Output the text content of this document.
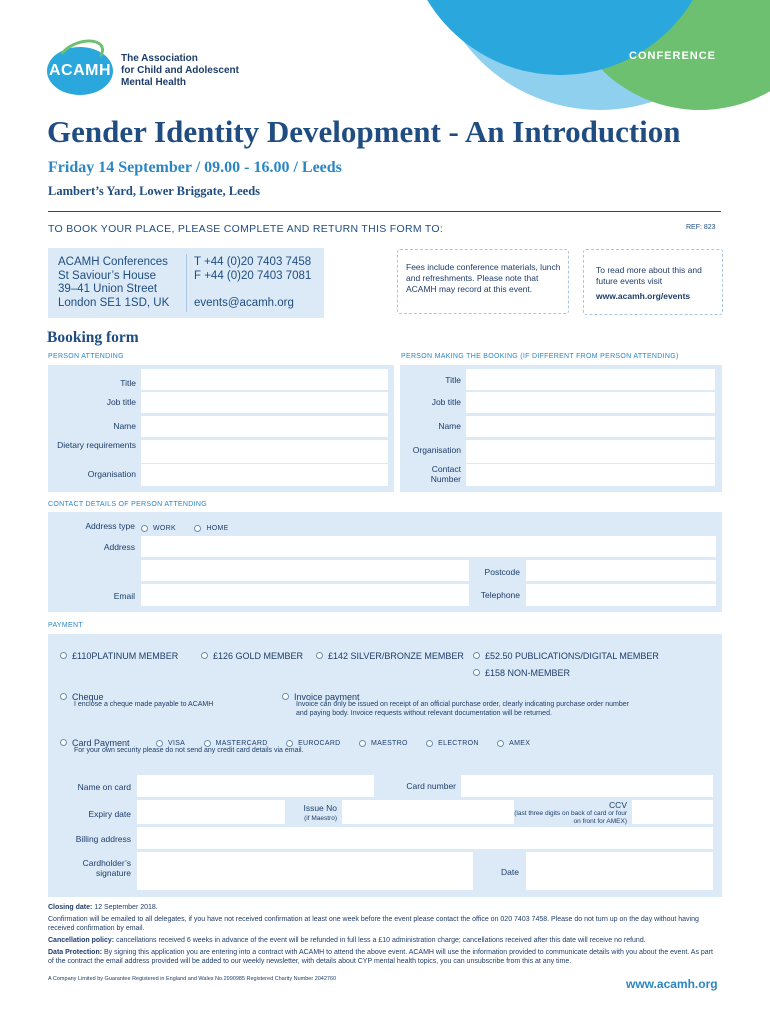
ACAMH
The Association
for Child and Adolescent
Mental Health
CONFERENCE
Gender Identity Development - An Introduction
Friday 14 September / 09.00 - 16.00 / Leeds
Lambert’s Yard, Lower Briggate, Leeds
TO BOOK YOUR PLACE, PLEASE COMPLETE AND RETURN THIS FORM TO:	REF: 823
ACAMH Conferences
St Saviour’s House
39–41 Union Street
London SE1 1SD, UK
T +44 (0)20 7403 7458
F +44 (0)20 7403 7081
events@acamh.org
Fees include conference materials, lunch and refreshments. Please note that ACAMH may record at this event.
To read more about this and future events visit
www.acamh.org/events
Booking form
PERSON ATTENDING	PERSON MAKING THE BOOKING (IF DIFFERENT FROM PERSON ATTENDING)
Title
Job title
Name
Dietary requirements
Organisation
Title
Job title
Name
Organisation
Contact Number
CONTACT DETAILS OF PERSON ATTENDING
Address type	WORK	HOME
Address
Postcode
Email	Telephone
PAYMENT
£110PLATINUM MEMBER	£126 GOLD MEMBER	£142 SILVER/BRONZE MEMBER	£52.50 PUBLICATIONS/DIGITAL MEMBER
£158 NON-MEMBER
Cheque
I enclose a cheque made payable to ACAMH
Invoice payment
Invoice can only be issued on receipt of an official purchase order, clearly indicating purchase order number and paying body. Invoice requests without relevant documentation will be returned.
Card Payment	VISA	MASTERCARD	EUROCARD	MAESTRO	ELECTRON	AMEX
For your own security please do not send any credit card details via email.
Name on card	Card number
Expiry date
Issue No
(if Maestro)
CCV
(last three digits on back of card or four on front for AMEX)
Billing address
Cardholder’s signature	Date
Closing date: 12 September 2018.
Confirmation will be emailed to all delegates, if you have not received confirmation at least one week before the event please contact the office on 020 7403 7458. Please do not turn up on the day without having received confirmation by email.
Cancellation policy: cancellations received 6 weeks in advance of the event will be refunded in full less a £10 administration charge; cancellations received after this date will receive no refund.
Data Protection: By signing this application you are entering into a contract with ACAMH to attend the above event. ACAMH will use the information provided to communicate details with you about the event. As part of the contract the email address provided will be added to our weekly newsletter, with details about CYP mental health topics, you can unsubscribe from this at any time.
A Company Limited by Guarantee Registered in England and Wales No.2990985 Registered Charity Number 2042760	www.acamh.org
